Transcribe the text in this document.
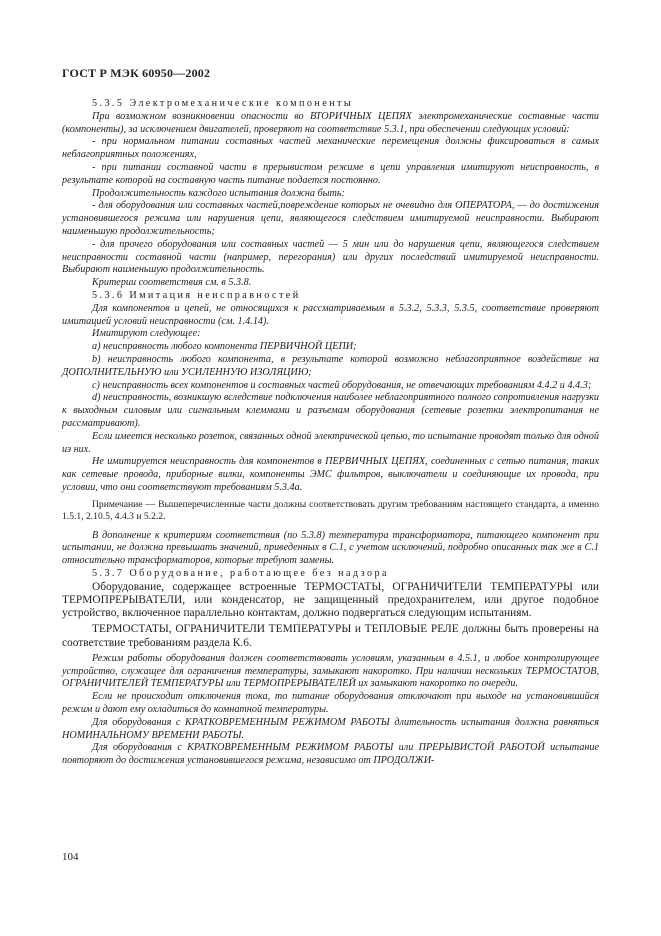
ГОСТ Р МЭК 60950—2002

5.3.5 Электромеханические компоненты

При возможном возникновении опасности во ВТОРИЧНЫХ ЦЕПЯХ электромеханические составные части (компоненты), за исключением двигателей, проверяют на соответствие 5.3.1, при обеспечении следующих условий:

- при нормальном питании составных частей механические перемещения должны фиксироваться в самых неблагоприятных положениях,

- при питании составной части в прерывистом режиме в цепи управления имитируют неисправность, в результате которой на составную часть питание подается постоянно.

Продолжительность каждого испытания должна быть:

- для оборудования или составных частей,повреждение которых не очевидно для ОПЕРАТОРА, — до достижения установившегося режима или нарушения цепи, являющегося следствием имитируемой неисправности. Выбирают наименьшую продолжительность;

- для прочего оборудования или составных частей — 5 мин или до нарушения цепи, являющегося следствием неисправности составной части (например, перегорания) или других последствий имитируемой неисправности. Выбирают наименьшую продолжительность.

Критерии соответствия см. в 5.3.8.

5.3.6 Имитация неисправностей

Для компонентов и цепей, не относящихся к рассматриваемым в 5.3.2, 5.3.3, 5.3.5, соответствие проверяют имитацией условий неисправности (см. 1.4.14).

Имитируют следующее:

a) неисправность любого компонента ПЕРВИЧНОЙ ЦЕПИ;

b) неисправность любого компонента, в результате которой возможно неблагоприятное воздействие на ДОПОЛНИТЕЛЬНУЮ или УСИЛЕННУЮ ИЗОЛЯЦИЮ;

c) неисправность всех компонентов и составных частей оборудования, не отвечающих требованиям 4.4.2 и 4.4.3;

d) неисправность, возникшую вследствие подключения наиболее неблагоприятного полного сопротивления нагрузки к выходным силовым или сигнальным клеммами и разъемам оборудования (сетевые розетки электропитания не рассматривают).

Если имеется несколько розеток, связанных одной электрической цепью, то испытание проводят только для одной из них.

Не имитируется неисправность для компонентов в ПЕРВИЧНЫХ ЦЕПЯХ, соединенных с сетью питания, таких как сетевые провода, приборные вилки, компоненты ЭМС фильтров, выключатели и соединяющие их провода, при условии, что они соответствуют требованиям 5.3.4а.

Примечание — Вышеперечисленные части должны соответствовать другим требованиям настоящего стандарта, а именно 1.5.1, 2.10.5, 4.4.3 и 5.2.2.

В дополнение к критериям соответствия (по 5.3.8) температура трансформатора, питающего компонент при испытании, не должна превышать значений, приведенных в С.1, с учетом исключений, подробно описанных так же в С.1 относительно трансформаторов, которые требуют замены.

5.3.7 Оборудование, работающее без надзора

Оборудование, содержащее встроенные ТЕРМОСТАТЫ, ОГРАНИЧИТЕЛИ ТЕМПЕРАТУРЫ или ТЕРМОПРЕРЫВАТЕЛИ, или конденсатор, не защищенный предохранителем, или другое подобное устройство, включенное параллельно контактам, должно подвергаться следующим испытаниям.

ТЕРМОСТАТЫ, ОГРАНИЧИТЕЛИ ТЕМПЕРАТУРЫ и ТЕПЛОВЫЕ РЕЛЕ должны быть проверены на соответствие требованиям раздела К.6.

Режим работы оборудования должен соответствовать условиям, указанным в 4.5.1, и любое контролирующее устройство, служащее для ограничения температуры, замыкают накоротко. При наличии нескольких ТЕРМОСТАТОВ, ОГРАНИЧИТЕЛЕЙ ТЕМПЕРАТУРЫ или ТЕРМОПРЕРЫВАТЕЛЕЙ их замыкают накоротко по очереди.

Если не происходит отключения тока, то питание оборудования отключают при выходе на установившийся режим и дают ему охладиться до комнатной температуры.

Для оборудования с КРАТКОВРЕМЕННЫМ РЕЖИМОМ РАБОТЫ длительность испытания должна равняться НОМИНАЛЬНОМУ ВРЕМЕНИ РАБОТЫ.

Для оборудования с КРАТКОВРЕМЕННЫМ РЕЖИМОМ РАБОТЫ или ПРЕРЫВИСТОЙ РАБОТОЙ испытание повторяют до достижения установившегося режима, независимо от ПРОДОЛЖИ-

104
